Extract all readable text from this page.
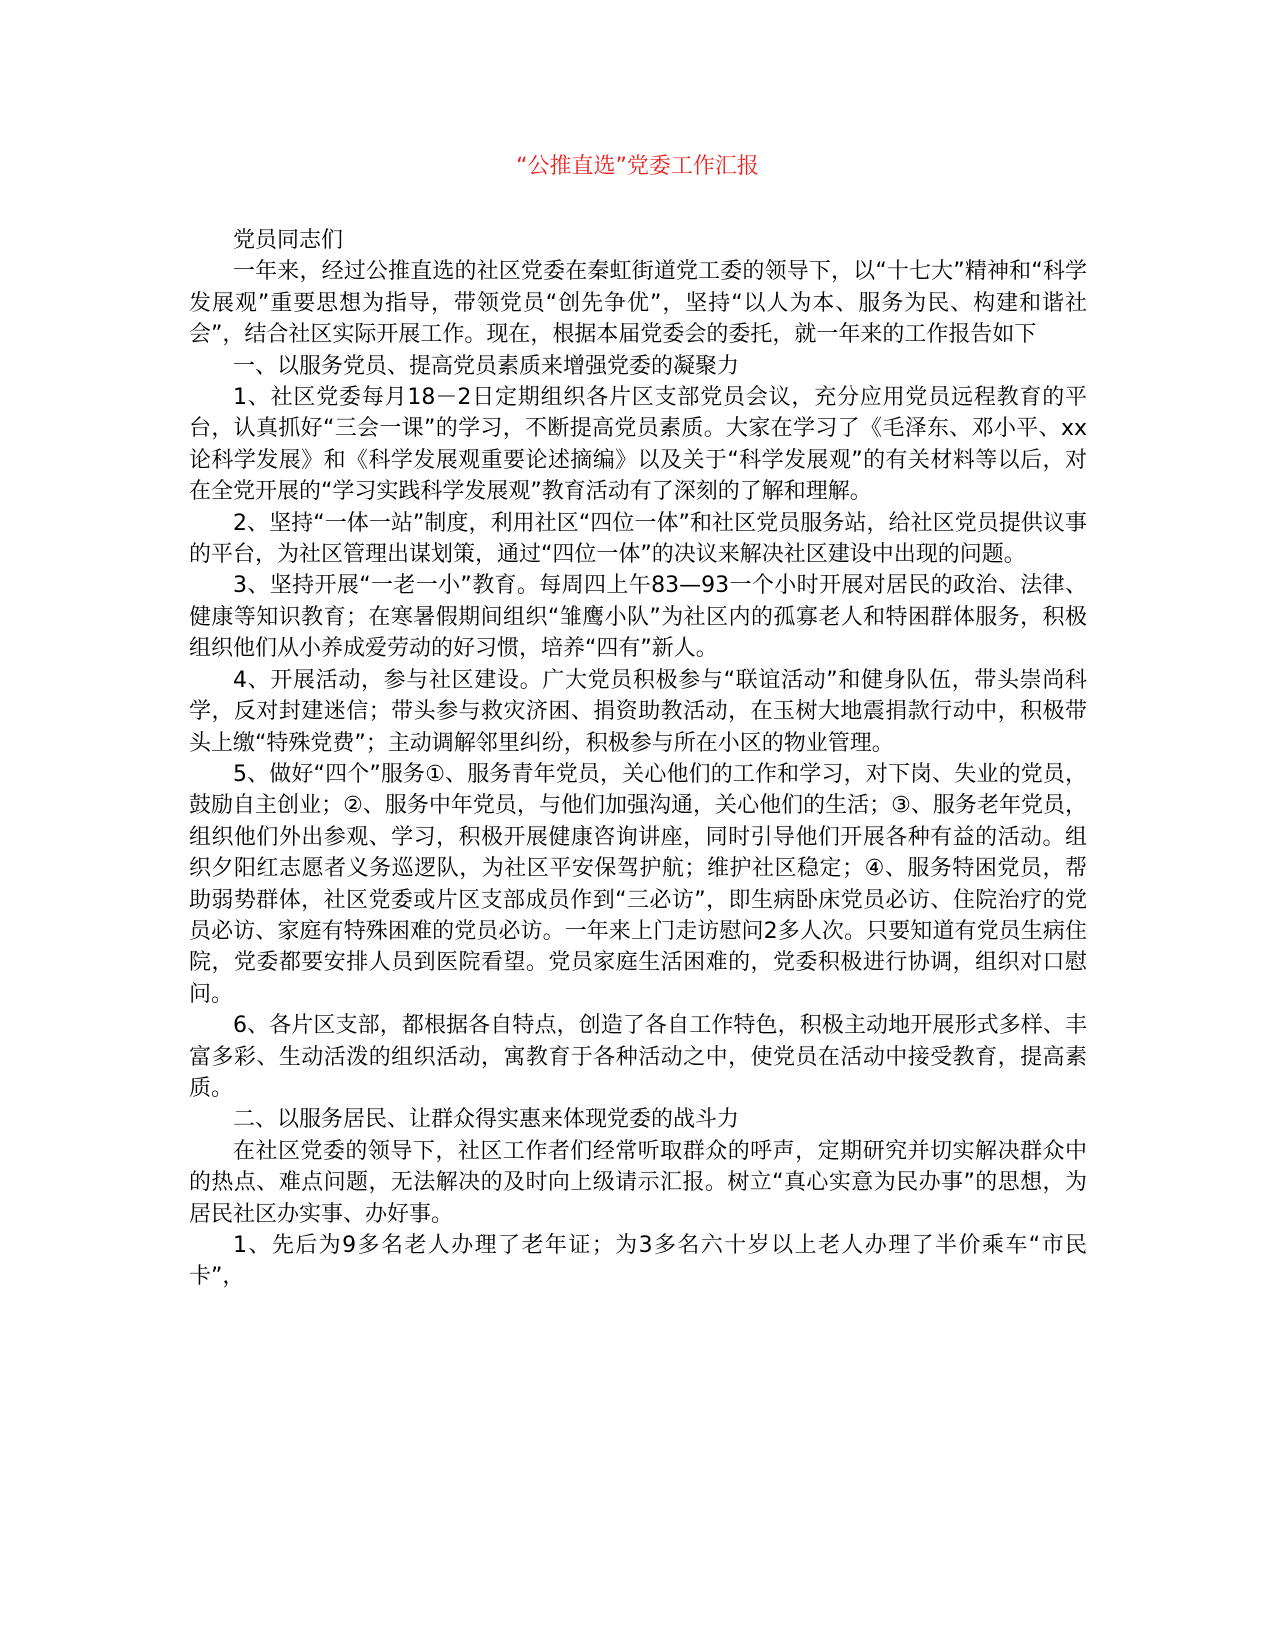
“公推直选”党委工作汇报

党员同志们

一年来，经过公推直选的社区党委在秦虹街道党工委的领导下，以“十七大”精神和“科学发展观”重要思想为指导，带领党员“创先争优”，坚持“以人为本、服务为民、构建和谐社会”，结合社区实际开展工作。现在，根据本届党委会的委托，就一年来的工作报告如下

一、以服务党员、提高党员素质来增强党委的凝聚力

1、社区党委每月18－2日定期组织各片区支部党员会议，充分应用党员远程教育的平台，认真抓好“三会一课”的学习，不断提高党员素质。大家在学习了《毛泽东、邓小平、xx论科学发展》和《科学发展观重要论述摘编》以及关于“科学发展观”的有关材料等以后，对在全党开展的“学习实践科学发展观”教育活动有了深刻的了解和理解。

2、坚持“一体一站”制度，利用社区“四位一体”和社区党员服务站，给社区党员提供议事的平台，为社区管理出谋划策，通过“四位一体”的决议来解决社区建设中出现的问题。

3、坚持开展“一老一小”教育。每周四上午83—93一个小时开展对居民的政治、法律、健康等知识教育；在寒暑假期间组织“雏鹰小队”为社区内的孤寡老人和特困群体服务，积极组织他们从小养成爱劳动的好习惯，培养“四有”新人。

4、开展活动，参与社区建设。广大党员积极参与“联谊活动”和健身队伍，带头崇尚科学，反对封建迷信；带头参与救灾济困、捐资助教活动，在玉树大地震捐款行动中，积极带头上缴“特殊党费”；主动调解邻里纠纷，积极参与所在小区的物业管理。

5、做好“四个”服务①、服务青年党员，关心他们的工作和学习，对下岗、失业的党员，鼓励自主创业；②、服务中年党员，与他们加强沟通，关心他们的生活；③、服务老年党员，组织他们外出参观、学习，积极开展健康咨询讲座，同时引导他们开展各种有益的活动。组织夕阳红志愿者义务巡逻队，为社区平安保驾护航；维护社区稳定；④、服务特困党员，帮助弱势群体，社区党委或片区支部成员作到“三必访”，即生病卧床党员必访、住院治疗的党员必访、家庭有特殊困难的党员必访。一年来上门走访慰问2多人次。只要知道有党员生病住院，党委都要安排人员到医院看望。党员家庭生活困难的，党委积极进行协调，组织对口慰问。

6、各片区支部，都根据各自特点，创造了各自工作特色，积极主动地开展形式多样、丰富多彩、生动活泼的组织活动，寓教育于各种活动之中，使党员在活动中接受教育，提高素质。

二、以服务居民、让群众得实惠来体现党委的战斗力

在社区党委的领导下，社区工作者们经常听取群众的呼声，定期研究并切实解决群众中的热点、难点问题，无法解决的及时向上级请示汇报。树立“真心实意为民办事”的思想，为居民社区办实事、办好事。

1、先后为9多名老人办理了老年证；为3多名六十岁以上老人办理了半价乘车“市民卡”，
